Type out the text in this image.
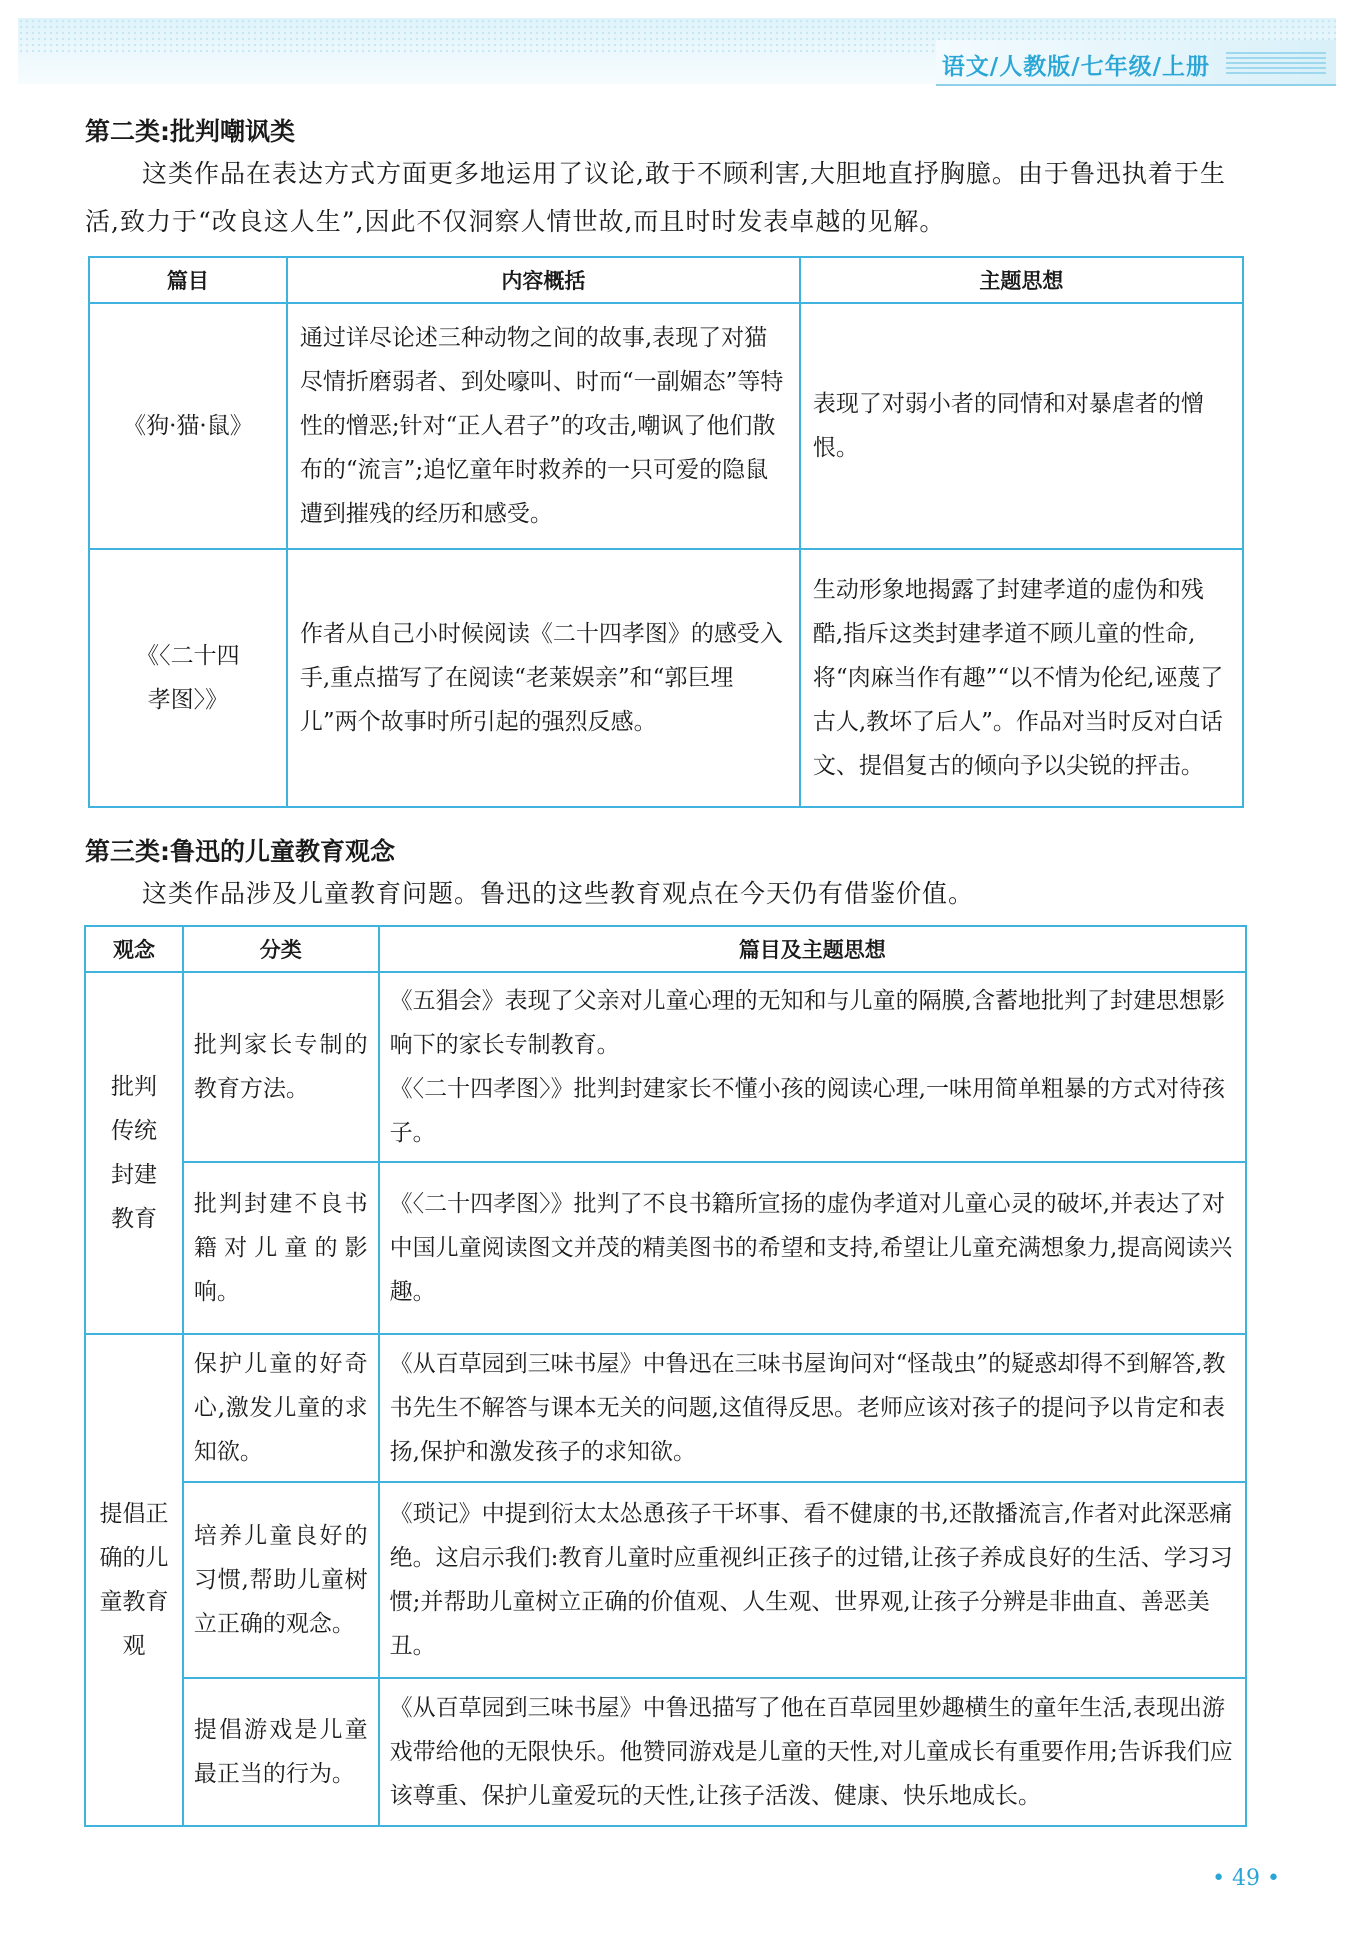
语文/人教版/七年级/上册
第二类:批判嘲讽类
这类作品在表达方式方面更多地运用了议论,敢于不顾利害,大胆地直抒胸臆。由于鲁迅执着于生活,致力于“改良这人生”,因此不仅洞察人情世故,而且时时发表卓越的见解。
篇目	内容概括	主题思想
《狗·猫·鼠》	通过详尽论述三种动物之间的故事,表现了对猫尽情折磨弱者、到处嚎叫、时而“一副媚态”等特性的憎恶;针对“正人君子”的攻击,嘲讽了他们散布的“流言”;追忆童年时救养的一只可爱的隐鼠遭到摧残的经历和感受。	表现了对弱小者的同情和对暴虐者的憎恨。
《〈二十四孝图〉》	作者从自己小时候阅读《二十四孝图》的感受入手,重点描写了在阅读“老莱娱亲”和“郭巨埋儿”两个故事时所引起的强烈反感。	生动形象地揭露了封建孝道的虚伪和残酷,指斥这类封建孝道不顾儿童的性命,将“肉麻当作有趣”“以不情为伦纪,诬蔑了古人,教坏了后人”。作品对当时反对白话文、提倡复古的倾向予以尖锐的抨击。
第三类:鲁迅的儿童教育观念
这类作品涉及儿童教育问题。鲁迅的这些教育观点在今天仍有借鉴价值。
观念	分类	篇目及主题思想
批判传统封建教育	批判家长专制的教育方法。	《五猖会》表现了父亲对儿童心理的无知和与儿童的隔膜,含蓄地批判了封建思想影响下的家长专制教育。
《〈二十四孝图〉》批判封建家长不懂小孩的阅读心理,一味用简单粗暴的方式对待孩子。

	批判封建不良书籍对儿童的影响。	《〈二十四孝图〉》批判了不良书籍所宣扬的虚伪孝道对儿童心灵的破坏,并表达了对中国儿童阅读图文并茂的精美图书的希望和支持,希望让儿童充满想象力,提高阅读兴趣。
提倡正确的儿童教育观	保护儿童的好奇心,激发儿童的求知欲。	《从百草园到三味书屋》中鲁迅在三味书屋询问对“怪哉虫”的疑惑却得不到解答,教书先生不解答与课本无关的问题,这值得反思。老师应该对孩子的提问予以肯定和表扬,保护和激发孩子的求知欲。
	培养儿童良好的习惯,帮助儿童树立正确的观念。	《琐记》中提到衍太太怂恿孩子干坏事、看不健康的书,还散播流言,作者对此深恶痛绝。这启示我们:教育儿童时应重视纠正孩子的过错,让孩子养成良好的生活、学习习惯;并帮助儿童树立正确的价值观、人生观、世界观,让孩子分辨是非曲直、善恶美丑。
	提倡游戏是儿童最正当的行为。	《从百草园到三味书屋》中鲁迅描写了他在百草园里妙趣横生的童年生活,表现出游戏带给他的无限快乐。他赞同游戏是儿童的天性,对儿童成长有重要作用;告诉我们应该尊重、保护儿童爱玩的天性,让孩子活泼、健康、快乐地成长。
• 49 •
